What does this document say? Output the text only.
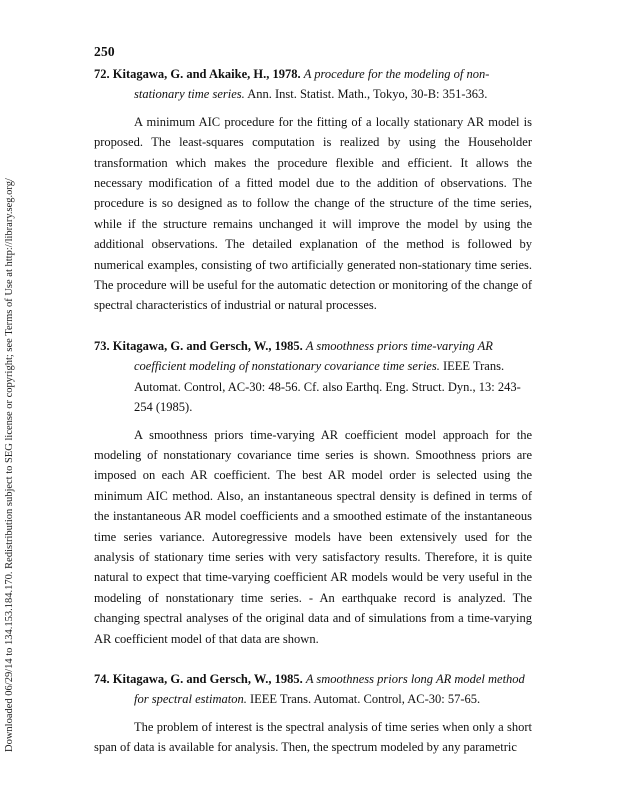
Downloaded 06/29/14 to 134.153.184.170. Redistribution subject to SEG license or copyright; see Terms of Use at http://library.seg.org/
250

72. Kitagawa, G. and Akaike, H., 1978. A procedure for the modeling of non-stationary time series. Ann. Inst. Statist. Math., Tokyo, 30-B: 351-363.

A minimum AIC procedure for the fitting of a locally stationary AR model is proposed. The least-squares computation is realized by using the Householder transformation which makes the procedure flexible and efficient. It allows the necessary modification of a fitted model due to the addition of observations. The procedure is so designed as to follow the change of the structure of the time series, while if the structure remains unchanged it will improve the model by using the additional observations. The detailed explanation of the method is followed by numerical examples, consisting of two artificially generated non-stationary time series. The procedure will be useful for the automatic detection or monitoring of the change of spectral characteristics of industrial or natural processes.

73. Kitagawa, G. and Gersch, W., 1985. A smoothness priors time-varying AR coefficient modeling of nonstationary covariance time series. IEEE Trans. Automat. Control, AC-30: 48-56. Cf. also Earthq. Eng. Struct. Dyn., 13: 243-254 (1985).

A smoothness priors time-varying AR coefficient model approach for the modeling of nonstationary covariance time series is shown. Smoothness priors are imposed on each AR coefficient. The best AR model order is selected using the minimum AIC method. Also, an instantaneous spectral density is defined in terms of the instantaneous AR model coefficients and a smoothed estimate of the instantaneous time series variance. Autoregressive models have been extensively used for the analysis of stationary time series with very satisfactory results. Therefore, it is quite natural to expect that time-varying coefficient AR models would be very useful in the modeling of nonstationary time series. - An earthquake record is analyzed. The changing spectral analyses of the original data and of simulations from a time-varying AR coefficient model of that data are shown.

74. Kitagawa, G. and Gersch, W., 1985. A smoothness priors long AR model method for spectral estimaton. IEEE Trans. Automat. Control, AC-30: 57-65.

The problem of interest is the spectral analysis of time series when only a short span of data is available for analysis. Then, the spectrum modeled by any parametric
